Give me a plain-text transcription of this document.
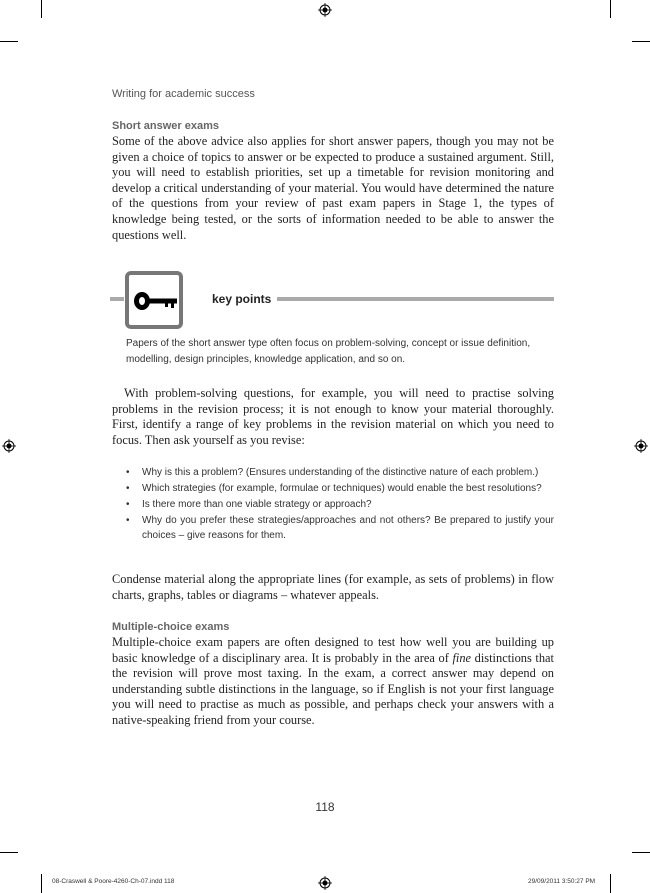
Writing for academic success
Short answer exams

Some of the above advice also applies for short answer papers, though you may not be given a choice of topics to answer or be expected to produce a sustained argument. Still, you will need to establish priorities, set up a timetable for revision monitoring and develop a critical understanding of your material. You would have determined the nature of the questions from your review of past exam papers in Stage 1, the types of knowledge being tested, or the sorts of information needed to be able to answer the questions well.

key points

Papers of the short answer type often focus on problem-solving, concept or issue definition, modelling, design principles, knowledge application, and so on.

With problem-solving questions, for example, you will need to practise solving problems in the revision process; it is not enough to know your material thoroughly. First, identify a range of key problems in the revision material on which you need to focus. Then ask yourself as you revise:

• Why is this a problem? (Ensures understanding of the distinctive nature of each problem.)
• Which strategies (for example, formulae or techniques) would enable the best resolutions?
• Is there more than one viable strategy or approach?
• Why do you prefer these strategies/approaches and not others? Be prepared to justify your choices – give reasons for them.

Condense material along the appropriate lines (for example, as sets of problems) in flow charts, graphs, tables or diagrams – whatever appeals.

Multiple-choice exams

Multiple-choice exam papers are often designed to test how well you are building up basic knowledge of a disciplinary area. It is probably in the area of fine distinctions that the revision will prove most taxing. In the exam, a correct answer may depend on understanding subtle distinctions in the language, so if English is not your first language you will need to practise as much as possible, and perhaps check your answers with a native-speaking friend from your course.

118
08-Craswell & Poore-4260-Ch-07.indd 118	29/09/2011 3:50:27 PM
